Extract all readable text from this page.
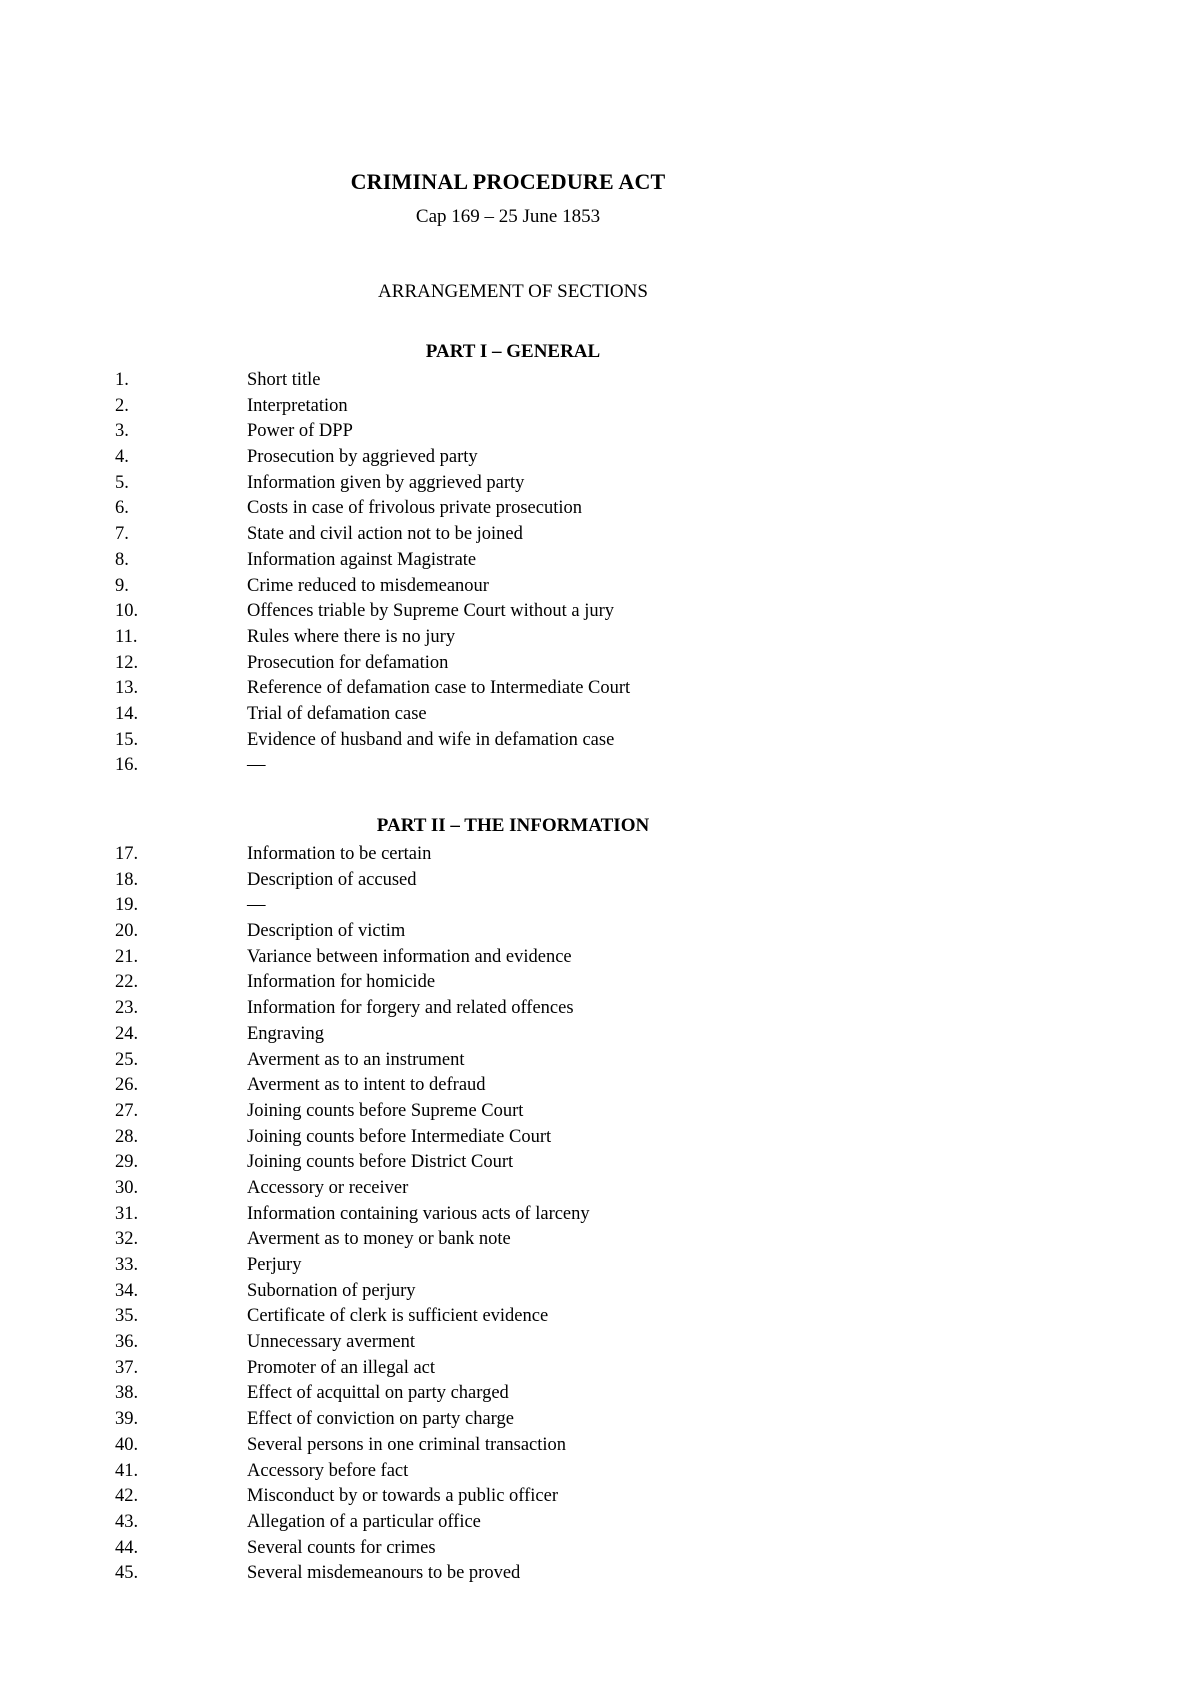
CRIMINAL PROCEDURE ACT
Cap 169 – 25 June 1853
ARRANGEMENT OF SECTIONS
PART I – GENERAL
1.	Short title
2.	Interpretation
3.	Power of DPP
4.	Prosecution by aggrieved party
5.	Information given by aggrieved party
6.	Costs in case of frivolous private prosecution
7.	State and civil action not to be joined
8.	Information against Magistrate
9.	Crime reduced to misdemeanour
10.	Offences triable by Supreme Court without a jury
11.	Rules where there is no jury
12.	Prosecution for defamation
13.	Reference of defamation case to Intermediate Court
14.	Trial of defamation case
15.	Evidence of husband and wife in defamation case
16.	—
PART II – THE INFORMATION
17.	Information to be certain
18.	Description of accused
19.	—
20.	Description of victim
21.	Variance between information and evidence
22.	Information for homicide
23.	Information for forgery and related offences
24.	Engraving
25.	Averment as to an instrument
26.	Averment as to intent to defraud
27.	Joining counts before Supreme Court
28.	Joining counts before Intermediate Court
29.	Joining counts before District Court
30.	Accessory or receiver
31.	Information containing various acts of larceny
32.	Averment as to money or bank note
33.	Perjury
34.	Subornation of perjury
35.	Certificate of clerk is sufficient evidence
36.	Unnecessary averment
37.	Promoter of an illegal act
38.	Effect of acquittal on party charged
39.	Effect of conviction on party charge
40.	Several persons in one criminal transaction
41.	Accessory before fact
42.	Misconduct by or towards a public officer
43.	Allegation of a particular office
44.	Several counts for crimes
45.	Several misdemeanours to be proved
